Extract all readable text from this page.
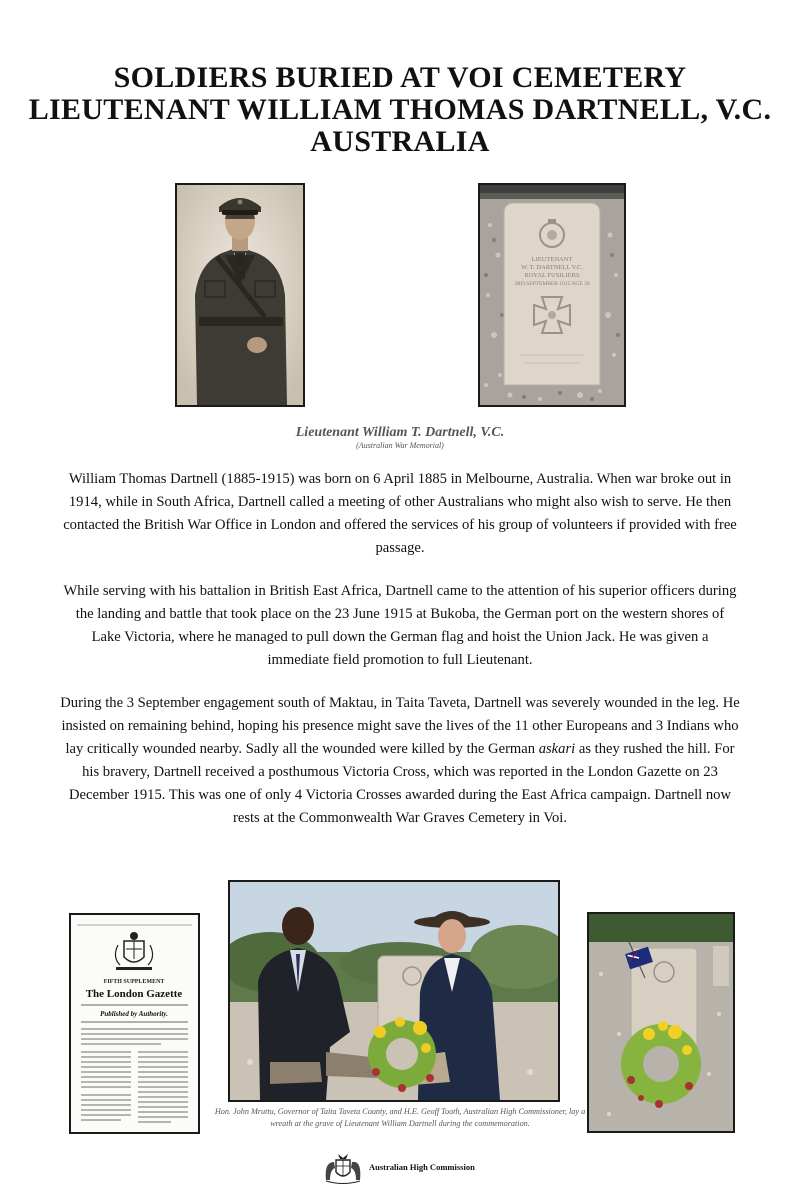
SOLDIERS BURIED AT VOI CEMETERY
LIEUTENANT WILLIAM THOMAS DARTNELL, V.C.
AUSTRALIA
LIEUTENANT
W. T. DARTNELL V.C.
ROYAL FUSILIERS
3RD SEPTEMBER 1915 AGE 30
Lieutenant William T. Dartnell, V.C.
(Australian War Memorial)

William Thomas Dartnell (1885-1915) was born on 6 April 1885 in Melbourne, Australia. When war broke out in 1914, while in South Africa, Dartnell called a meeting of other Australians who might also wish to serve. He then contacted the British War Office in London and offered the services of his group of volunteers if provided with free passage.

While serving with his battalion in British East Africa, Dartnell came to the attention of his superior officers during the landing and battle that took place on the 23 June 1915 at Bukoba, the German port on the western shores of Lake Victoria, where he managed to pull down the German flag and hoist the Union Jack. He was given a immediate field promotion to full Lieutenant.

During the 3 September engagement south of Maktau, in Taita Taveta, Dartnell was severely wounded in the leg. He insisted on remaining behind, hoping his presence might save the lives of the 11 other Europeans and 3 Indians who lay critically wounded nearby. Sadly all the wounded were killed by the German askari as they rushed the hill. For his bravery, Dartnell received a posthumous Victoria Cross, which was reported in the London Gazette on 23 December 1915. This was one of only 4 Victoria Crosses awarded during the East Africa campaign. Dartnell now rests at the Commonwealth War Graves Cemetery in Voi.

FIFTH SUPPLEMENT
The London Gazette
Published by Authority.
Hon. John Mruttu, Governor of Taita Taveta County, and H.E. Geoff Tooth, Australian High Commissioner, lay a wreath at the grave of Lieutenant William Dartnell during the commemoration.
Australian High Commission
